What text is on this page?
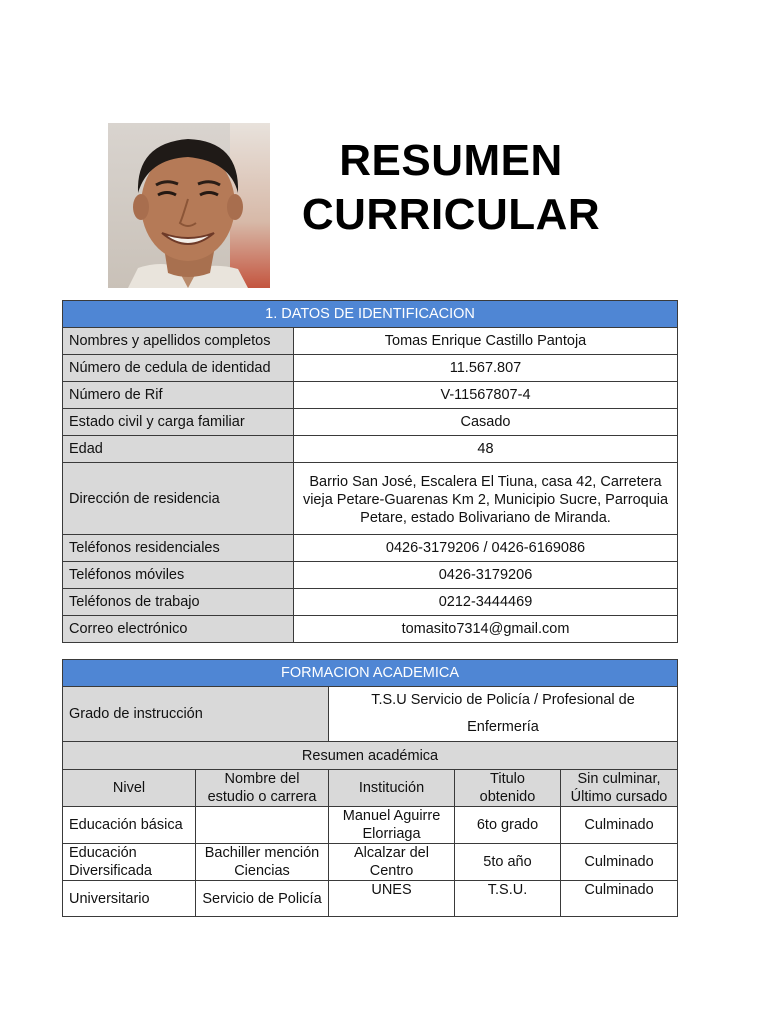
RESUMEN CURRICULAR
1. DATOS DE IDENTIFICACION	
Nombres y apellidos completos	Tomas Enrique Castillo Pantoja
Número de cedula de identidad	11.567.807
Número de Rif	V-11567807-4
Estado civil y carga familiar	Casado
Edad	48
Dirección de residencia	Barrio San José, Escalera El Tiuna, casa 42, Carretera vieja Petare-Guarenas Km 2, Municipio Sucre, Parroquia Petare, estado Bolivariano de Miranda.
Teléfonos residenciales	0426-3179206 / 0426-6169086
Teléfonos móviles	0426-3179206
Teléfonos de trabajo	0212-3444469
Correo electrónico	tomasito7314@gmail.com
FORMACION ACADEMICA				
Grado de instrucción		T.S.U Servicio de Policía / Profesional de
Enfermería		

Resumen académica				
Nivel	Nombre del estudio o carrera	Institución	Titulo obtenido	Sin culminar, Último cursado
Educación básica		Manuel Aguirre Elorriaga	6to grado	Culminado
Educación Diversificada	Bachiller mención Ciencias	Alcalzar del Centro	5to año	Culminado
Universitario	Servicio de Policía	UNES	T.S.U.	Culminado
